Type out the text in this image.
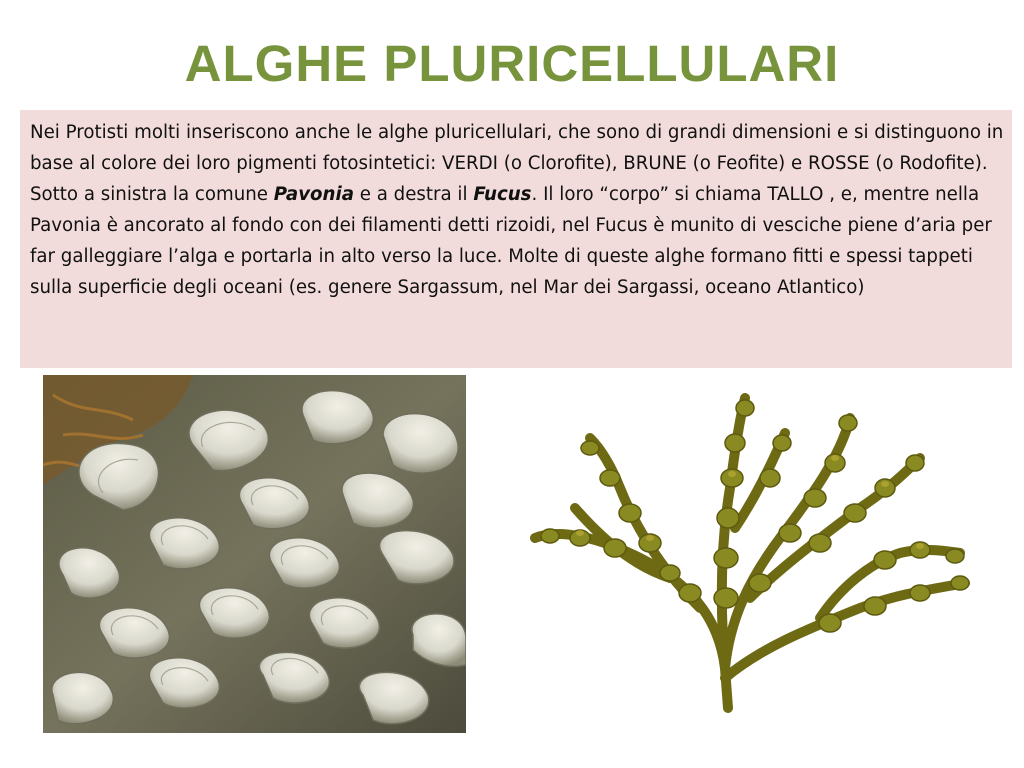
ALGHE PLURICELLULARI

Nei Protisti molti inseriscono anche le alghe pluricellulari, che sono di grandi dimensioni e si distinguono in base al colore dei loro pigmenti fotosintetici: VERDI (o Clorofite), BRUNE (o Feofite) e ROSSE (o Rodofite).

Sotto a sinistra la comune Pavonia e a destra il Fucus. Il loro “corpo” si chiama TALLO , e, mentre nella Pavonia è ancorato al fondo con dei filamenti detti rizoidi, nel Fucus è munito di vesciche piene d’aria per far galleggiare l’alga e portarla in alto verso la luce. Molte di queste alghe formano fitti e spessi tappeti sulla superficie degli oceani (es. genere Sargassum, nel Mar dei Sargassi, oceano Atlantico)
